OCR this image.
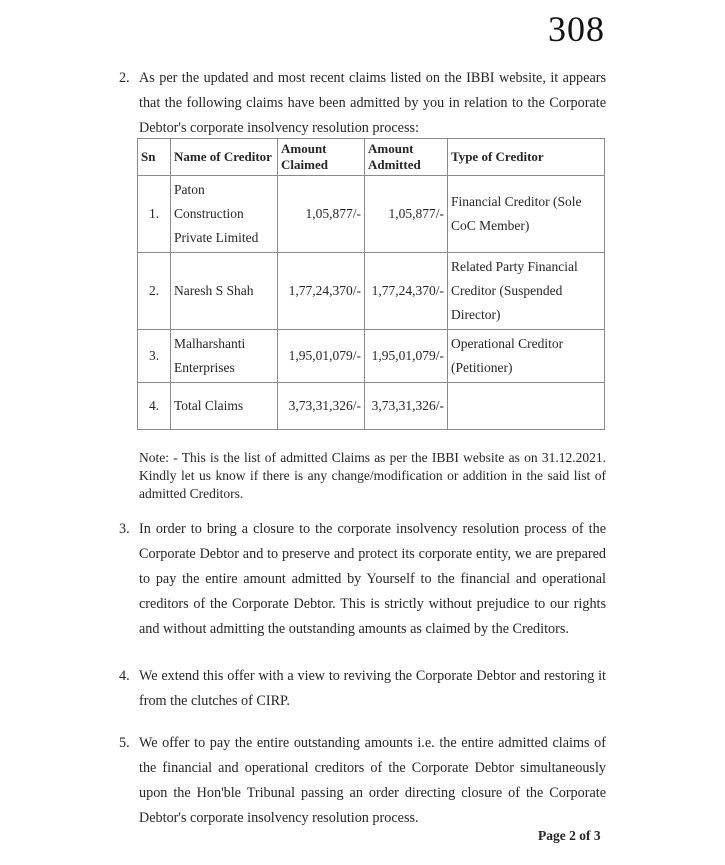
308
2. As per the updated and most recent claims listed on the IBBI website, it appears that the following claims have been admitted by you in relation to the Corporate Debtor's corporate insolvency resolution process:
Sn	Name of Creditor	Amount Claimed	Amount Admitted	Type of Creditor
1.	Paton Construction Private Limited	1,05,877/-	1,05,877/-	Financial Creditor (Sole CoC Member)
2.	Naresh S Shah	1,77,24,370/-	1,77,24,370/-	Related Party Financial Creditor (Suspended Director)
3.	Malharshanti Enterprises	1,95,01,079/-	1,95,01,079/-	Operational Creditor (Petitioner)
4.	Total Claims	3,73,31,326/-	3,73,31,326/-	
Note: - This is the list of admitted Claims as per the IBBI website as on 31.12.2021. Kindly let us know if there is any change/modification or addition in the said list of admitted Creditors.
3. In order to bring a closure to the corporate insolvency resolution process of the Corporate Debtor and to preserve and protect its corporate entity, we are prepared to pay the entire amount admitted by Yourself to the financial and operational creditors of the Corporate Debtor. This is strictly without prejudice to our rights and without admitting the outstanding amounts as claimed by the Creditors.
4. We extend this offer with a view to reviving the Corporate Debtor and restoring it from the clutches of CIRP.
5. We offer to pay the entire outstanding amounts i.e. the entire admitted claims of the financial and operational creditors of the Corporate Debtor simultaneously upon the Hon'ble Tribunal passing an order directing closure of the Corporate Debtor's corporate insolvency resolution process.
Page 2 of 3
